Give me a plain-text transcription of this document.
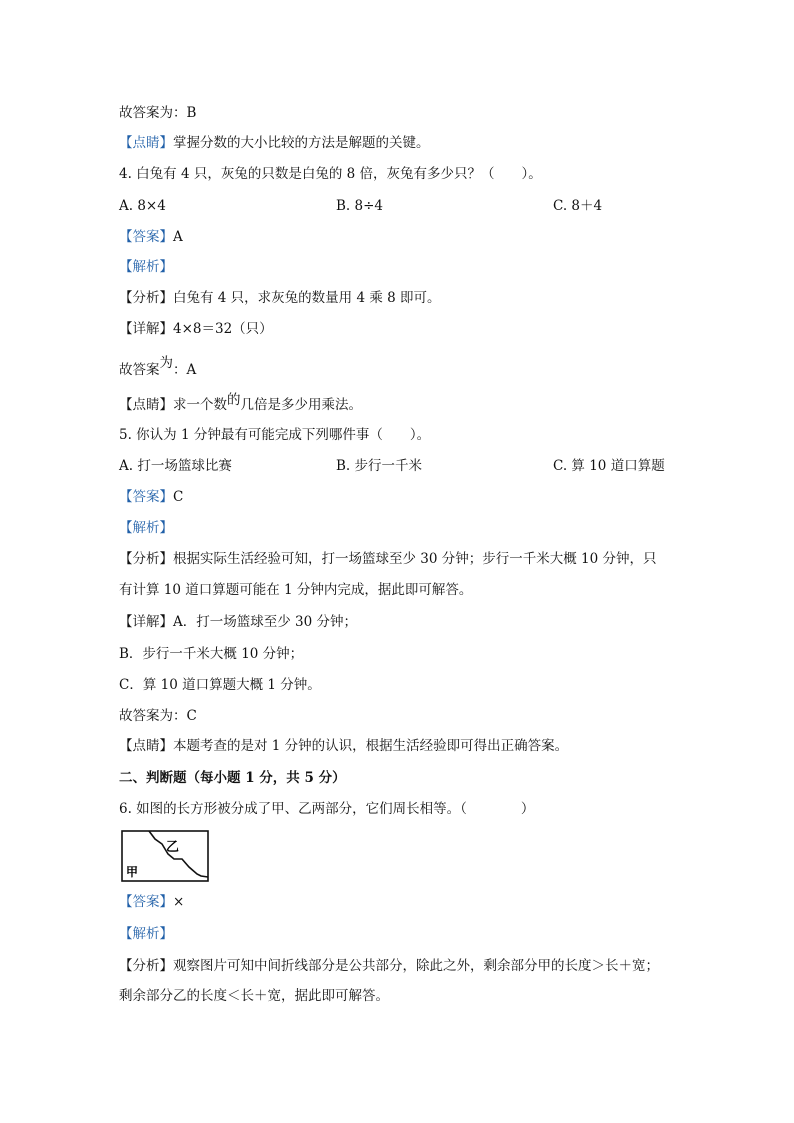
故答案为：B
【点睛】掌握分数的大小比较的方法是解题的关键。
4. 白兔有 4 只，灰兔的只数是白兔的 8 倍，灰兔有多少只？（　　）。
A. 8×4	B. 8÷4	C. 8＋4
【答案】A
【解析】
【分析】白兔有 4 只，求灰兔的数量用 4 乘 8 即可。
【详解】4×8＝32（只）
故答案为：A
【点睛】求一个数的几倍是多少用乘法。
5. 你认为 1 分钟最有可能完成下列哪件事（　　）。
A. 打一场篮球比赛	B. 步行一千米	C. 算 10 道口算题
【答案】C
【解析】
【分析】根据实际生活经验可知，打一场篮球至少 30 分钟；步行一千米大概 10 分钟，只
有计算 10 道口算题可能在 1 分钟内完成，据此即可解答。
【详解】A．打一场篮球至少 30 分钟；
B．步行一千米大概 10 分钟；
C．算 10 道口算题大概 1 分钟。
故答案为：C
【点睛】本题考查的是对 1 分钟的认识，根据生活经验即可得出正确答案。
二、判断题（每小题 1 分，共 5 分）
6. 如图的长方形被分成了甲、乙两部分，它们周长相等。（　　　　）
乙
甲
【答案】×
【解析】
【分析】观察图片可知中间折线部分是公共部分，除此之外，剩余部分甲的长度＞长＋宽；
剩余部分乙的长度＜长＋宽，据此即可解答。
